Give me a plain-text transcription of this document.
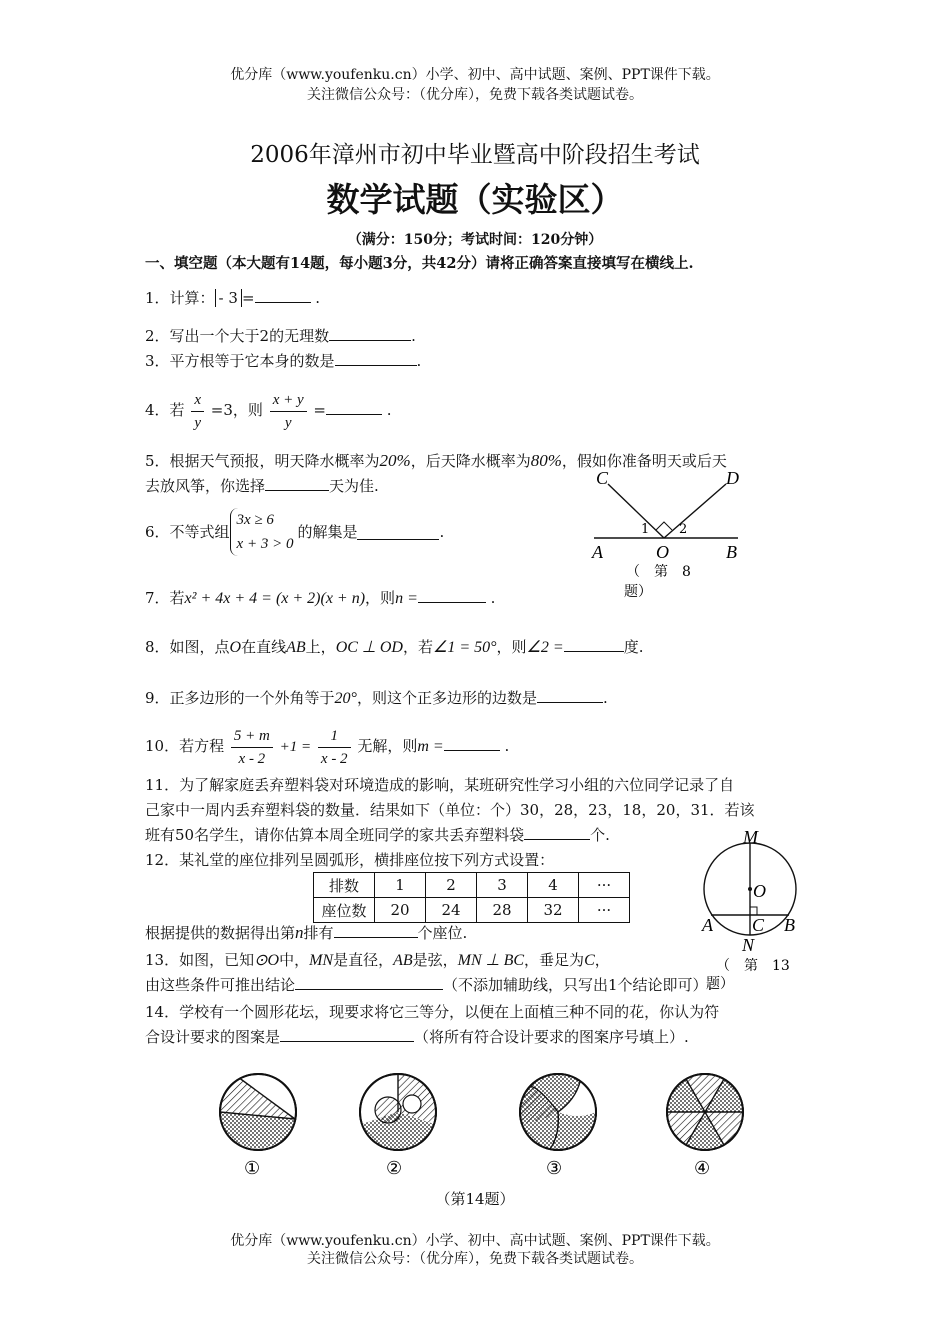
优分库（www.youfenku.cn）小学、初中、高中试题、案例、PPT课件下载。
关注微信公众号：（优分库），免费下载各类试题试卷。
2006年漳州市初中毕业暨高中阶段招生考试
数学试题（实验区）
（满分：150分；考试时间：120分钟）
一、填空题（本大题有14题，每小题3分，共42分）请将正确答案直接填写在横线上.
1．计算： - 3 =	.
2．写出一个大于2的无理数	.
3．平方根等于它本身的数是	.
4．若 $\frac{x}{y} =3$，则 $\frac{x + y}{y}$ =	.
5．根据天气预报，明天降水概率为20%，后天降水概率为80%，假如你准备明天或后天
去放风筝，你选择	天为佳.
6．不等式组
3x ≥ 6
x + 3 > 0
的解集是	.
7．若x² + 4x + 4 = (x + 2)(x + n)，则n =	.
8．如图，点O在直线AB上，OC ⊥ OD，若∠1 = 50°，则∠2 =	度.
9．正多边形的一个外角等于20°，则这个正多边形的边数是	.
10．若方程 $\frac{5 + m}{x - 2} +1 = \frac{1}{x - 2}$ 无解，则m =	.
11．为了解家庭丢弃塑料袋对环境造成的影响，某班研究性学习小组的六位同学记录了自
己家中一周内丢弃塑料袋的数量．结果如下（单位：个）30，28，23，18，20，31．若该
班有50名学生，请你估算本周全班同学的家共丢弃塑料袋	个.
12．某礼堂的座位排列呈圆弧形，横排座位按下列方式设置：
排数	1	2	3	4	···
座位数	20	24	28	32	···
根据提供的数据得出第n排有	个座位.
13．如图，已知⊙O中，MN是直径，AB是弦，MN ⊥ BC，垂足为C，
由这些条件可推出结论	（不添加辅助线，只写出1个结论即可）.
14．学校有一个圆形花坛，现要求将它三等分，以便在上面植三种不同的花，你认为符
合设计要求的图案是	（将所有符合设计要求的图案序号填上）.
C	D
A	O	B
1 2
（　第　8
题）
M
O
A C B
N
（　第　13
题）
①	②	③	④
（第14题）
优分库（www.youfenku.cn）小学、初中、高中试题、案例、PPT课件下载。
关注微信公众号：（优分库），免费下载各类试题试卷。
